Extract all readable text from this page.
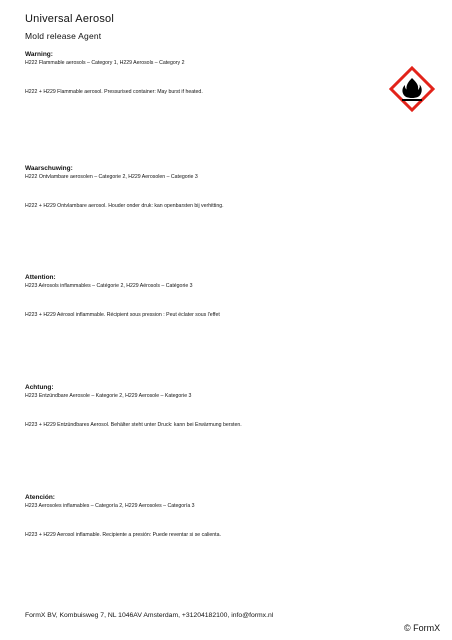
Universal Aerosol
Mold release Agent

Warning:

H222 Flammable aerosols – Category 1, H229 Aerosols – Category 2

H222 + H229 Flammable aerosol. Pressurised container: May burst if heated.

Waarschuwing:

H222 Ontvlambare aerosolen – Categorie 2, H229 Aerosolen – Categorie 3

H222 + H229 Ontvlambare aerosol. Houder onder druk: kan openbarsten bij verhitting.

Attention:

H223 Aérosols inflammables – Catégorie 2, H229 Aérosols – Catégorie 3

H223 + H229 Aérosol inflammable. Récipient sous pression : Peut éclater sous l'effet

Achtung:

H223 Entzündbare Aerosole – Kategorie 2, H229 Aerosole – Kategorie 3

H223 + H229 Entzündbares Aerosol. Behälter steht unter Druck: kann bei Erwärmung bersten.

Atención:

H223 Aerosoles inflamables – Categoría 2, H229 Aerosoles – Categoría 3

H223 + H229 Aerosol inflamable. Recipiente a presión: Puede reventar si se calienta.

FormX BV, Kombuisweg 7, NL 1046AV Amsterdam, +31204182100, info@formx.nl
© FormX
